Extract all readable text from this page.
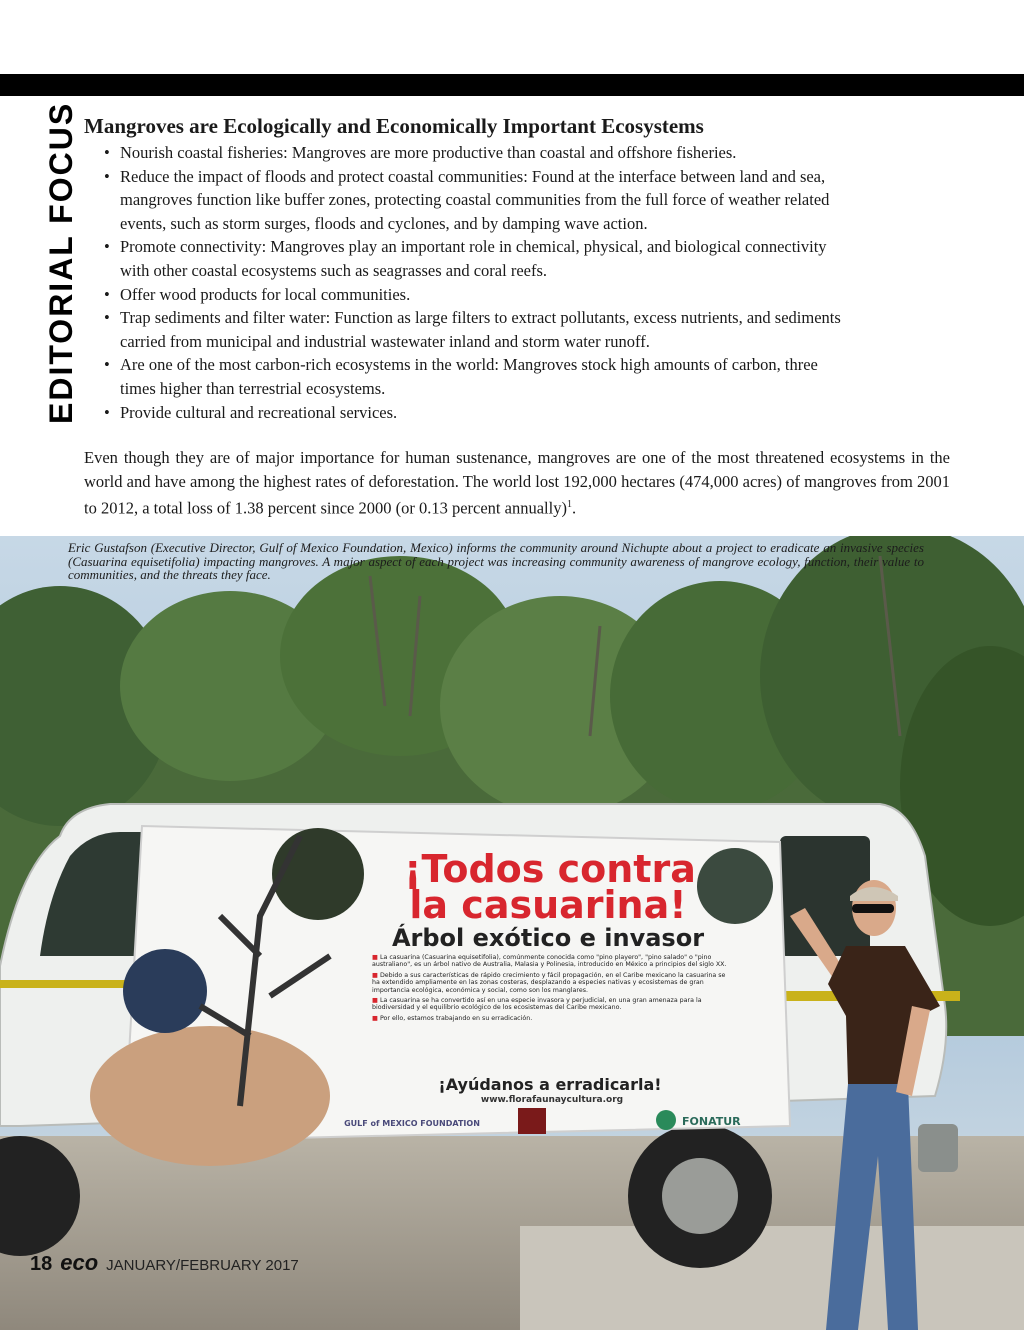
EDITORIAL FOCUS Mangroves are Ecologically and Economically Important Ecosystems
• Nourish coastal fisheries: Mangroves are more productive than coastal and offshore fisheries.
• Reduce the impact of floods and protect coastal communities: Found at the interface between land and sea,
mangroves function like buffer zones, protecting coastal communities from the full force of weather related
events, such as storm surges, floods and cyclones, and by damping wave action.
• Promote connectivity: Mangroves play an important role in chemical, physical, and biological connectivity
with other coastal ecosystems such as seagrasses and coral reefs.
• Offer wood products for local communities.
• Trap sediments and filter water: Function as large filters to extract pollutants, excess nutrients, and sediments
carried from municipal and industrial wastewater inland and storm water runoff.
• Are one of the most carbon-rich ecosystems in the world: Mangroves stock high amounts of carbon, three
times higher than terrestrial ecosystems.
• Provide cultural and recreational services.

Even though they are of major importance for human sustenance, mangroves are one of the most threatened ecosystems in the world and have among the highest rates of deforestation. The world lost 192,000 hectares (474,000 acres) of mangroves from 2001 to 2012, a total loss of 1.38 percent since 2000 (or 0.13 percent annually)$^1$.

¡Todos contra
la casuarina!
Árbol exótico e invasor
■ La casuarina (Casuarina equisetifolia), comúnmente conocida como "pino playero", "pino salado" o "pino australiano", es un árbol nativo de Australia, Malasia y Polinesia, introducido en México a principios del siglo XX.
■ Debido a sus características de rápido crecimiento y fácil propagación, en el Caribe mexicano la casuarina se ha extendido ampliamente en las zonas costeras, desplazando a especies nativas y ecosistemas de gran importancia ecológica, económica y social, como son los manglares.
■ La casuarina se ha convertido así en una especie invasora y perjudicial, en una gran amenaza para la biodiversidad y el equilibrio ecológico de los ecosistemas del Caribe mexicano.
■ Por ello, estamos trabajando en su erradicación.
¡Ayúdanos a erradicarla!
www.florafaunaycultura.org
GULF of MEXICO FOUNDATION	FONATUR
Eric Gustafson (Executive Director, Gulf of Mexico Foundation, Mexico) informs the community around Nichupte about a project to eradicate an invasive species (Casuarina equisetifolia) impacting mangroves. A major aspect of each project was increasing community awareness of mangrove ecology, function, their value to communities, and the threats they face.
18 eco JANUARY/FEBRUARY 2017
